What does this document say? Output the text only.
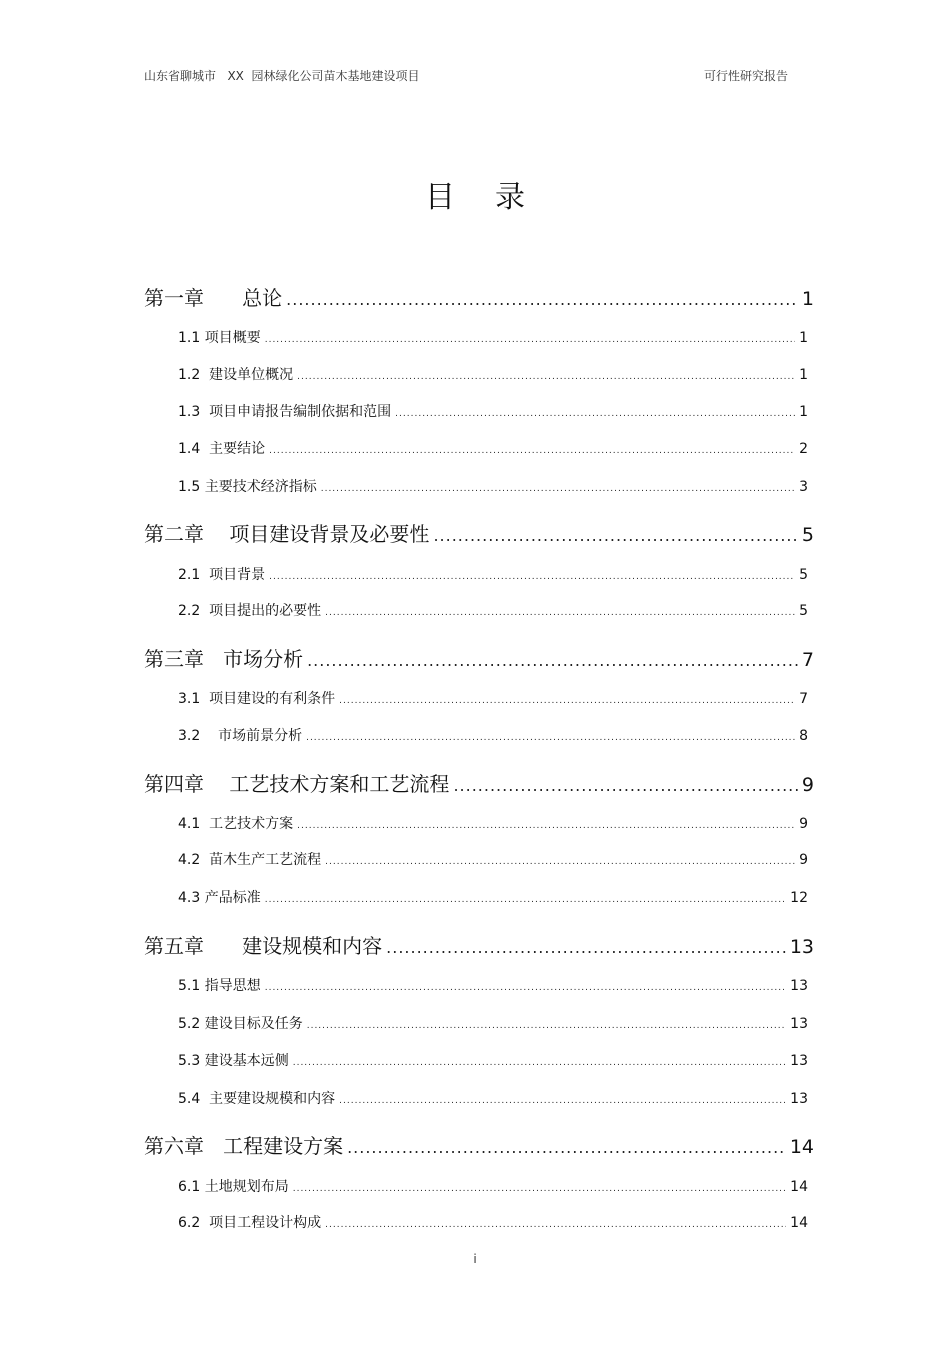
山东省聊城市   XX  园林绿化公司苗木基地建设项目	可行性研究报告
目录
第一章      总论 .....	1
1.1 项目概要 .....	1
1.2  建设单位概况 .....	1
1.3  项目申请报告编制依据和范围 .....	1
1.4  主要结论 .....	2
1.5 主要技术经济指标 .....	3
第二章    项目建设背景及必要性 .....	5
2.1  项目背景 .....	5
2.2  项目提出的必要性 .....	5
第三章   市场分析 .....	7
3.1  项目建设的有利条件 .....	7
3.2    市场前景分析 .....	8
第四章    工艺技术方案和工艺流程 .....	9
4.1  工艺技术方案 .....	9
4.2  苗木生产工艺流程 .....	9
4.3 产品标准 .....	12
第五章      建设规模和内容 .....	13
5.1 指导思想 .....	13
5.2 建设目标及任务 .....	13
5.3 建设基本远侧 .....	13
5.4  主要建设规模和内容 .....	13
第六章   工程建设方案 .....	14
6.1 土地规划布局 .....	14
6.2  项目工程设计构成 .....	14
i
